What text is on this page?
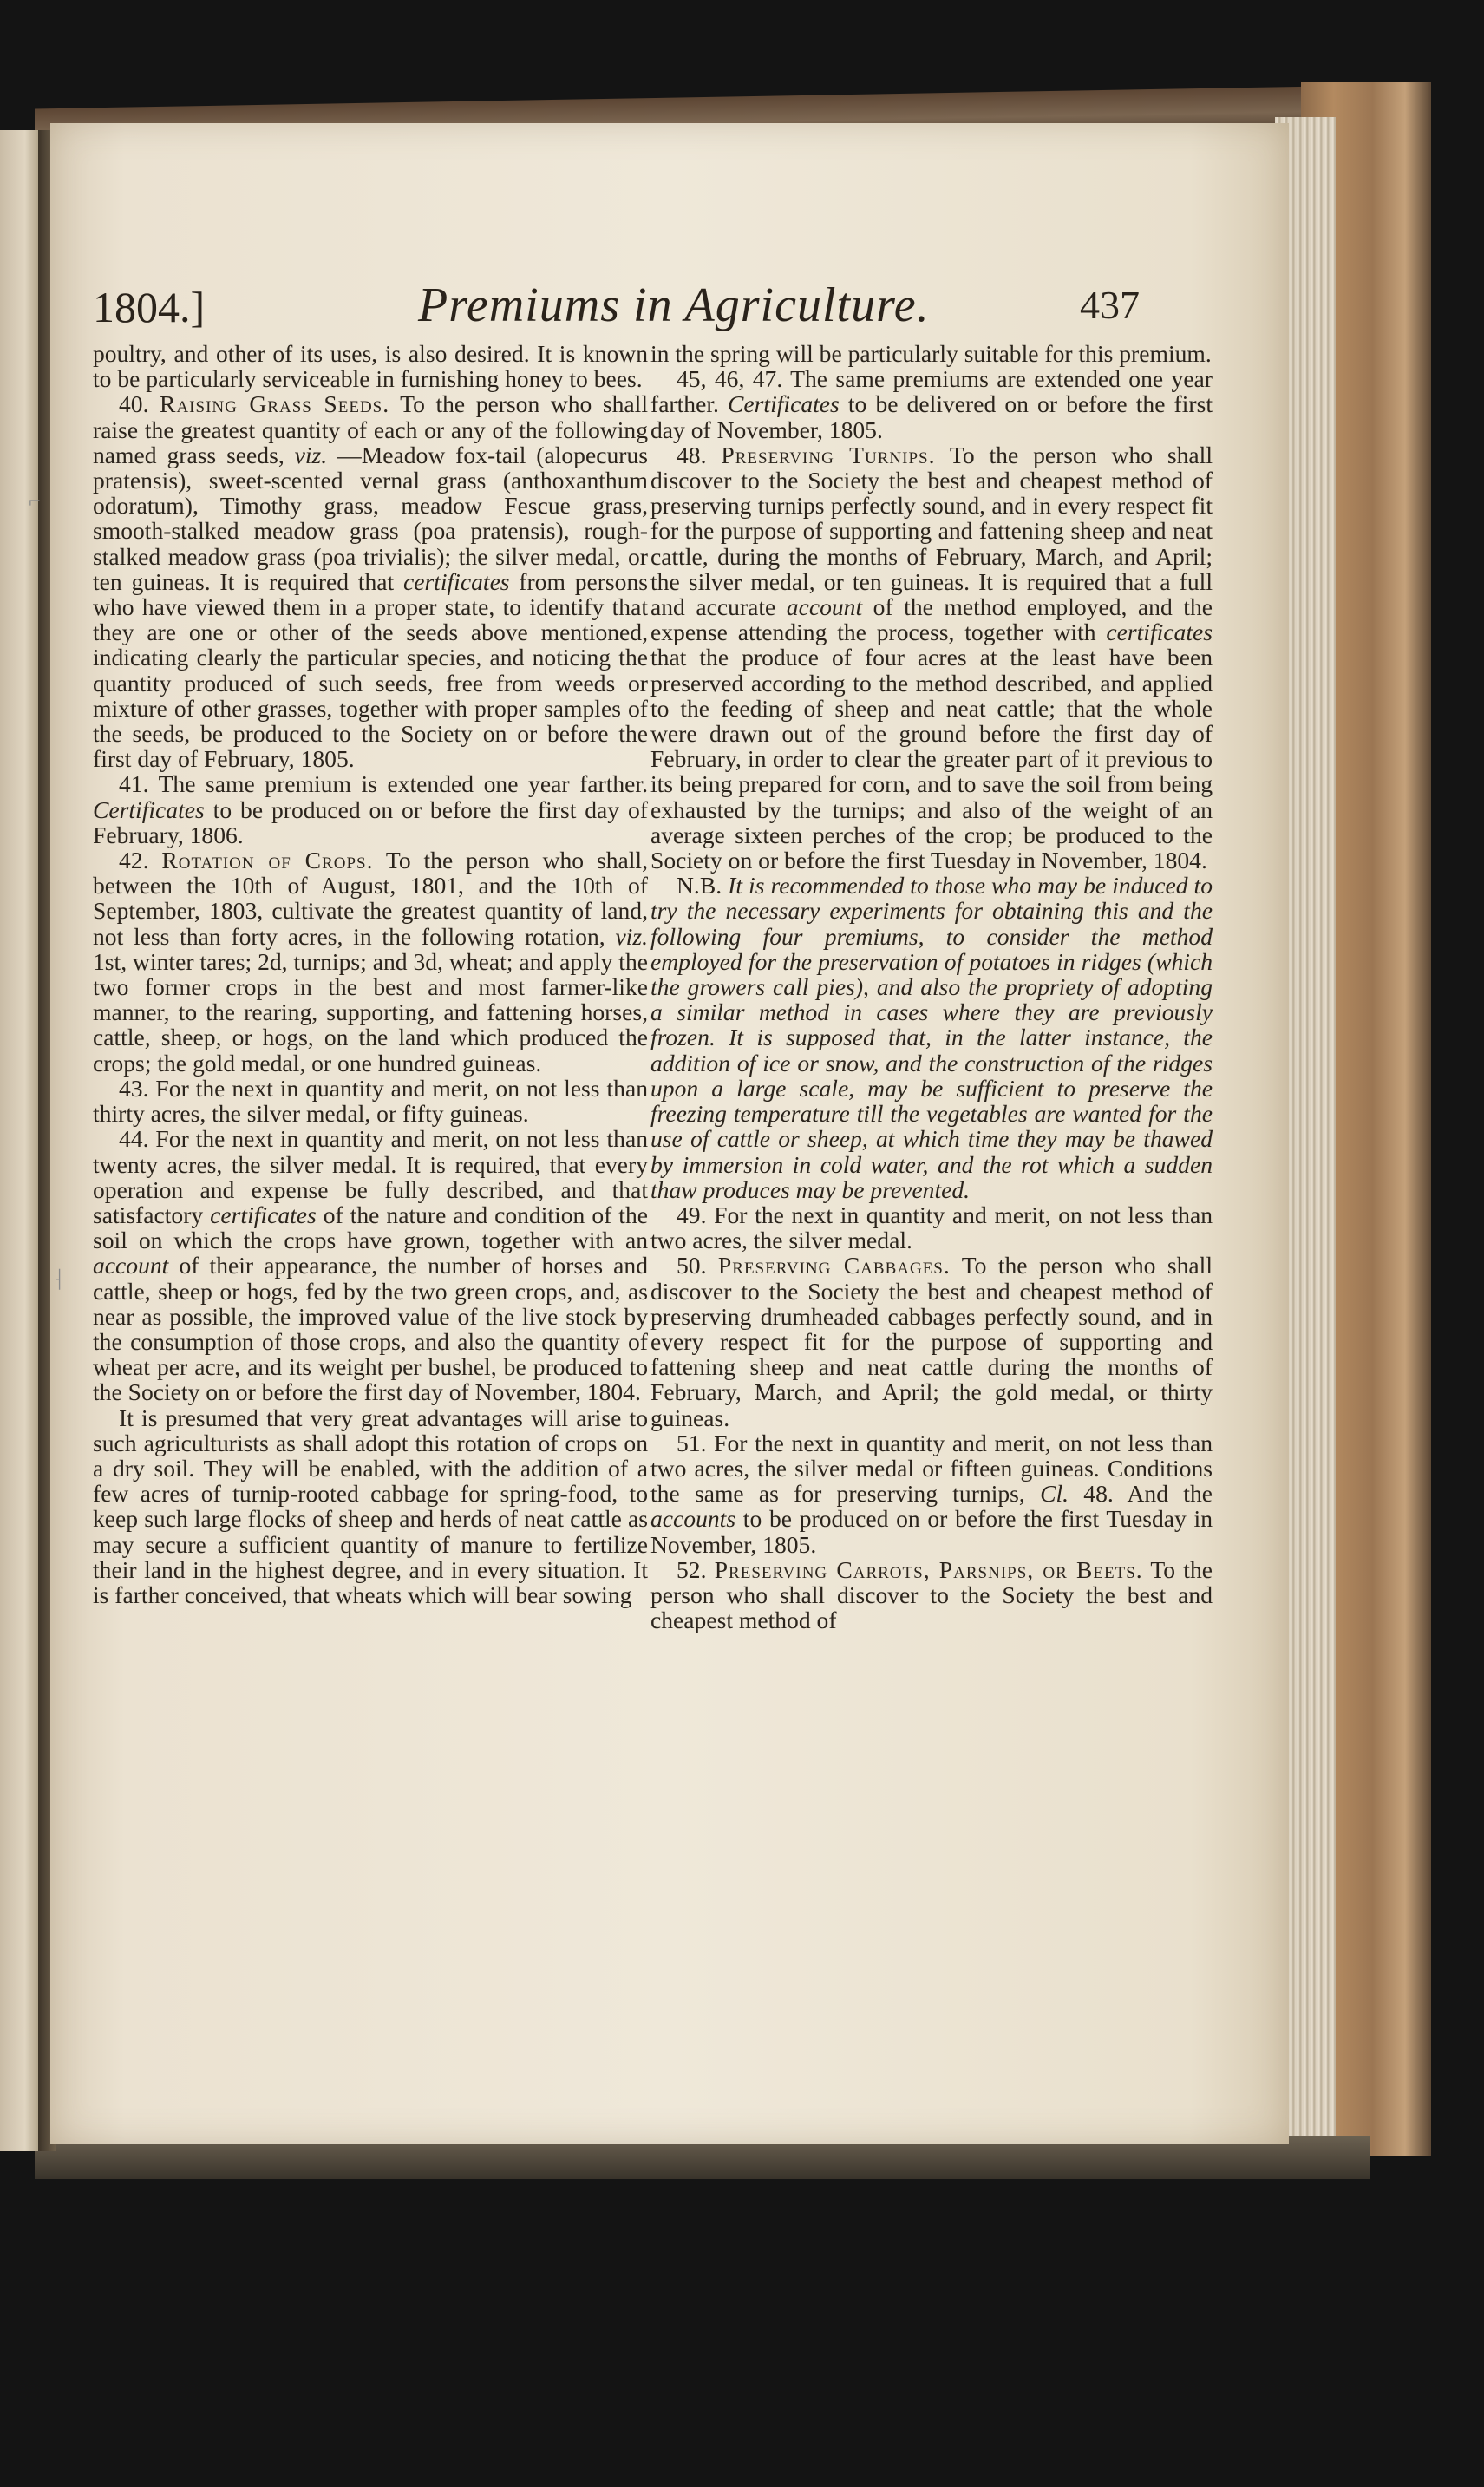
1804.]	Premiums in Agriculture.	437
⌐
⸡

poultry, and other of its uses, is also desired. It is known to be particularly serviceable in furnishing honey to bees.

40. Raising Grass Seeds. To the person who shall raise the greatest quantity of each or any of the following named grass seeds, viz. —Meadow fox-tail (alopecurus pratensis), sweet-scented vernal grass (anthoxanthum odoratum), Timothy grass, meadow Fescue grass, smooth-stalked meadow grass (poa pratensis), rough-stalked meadow grass (poa trivialis); the silver medal, or ten guineas. It is required that certificates from persons who have viewed them in a proper state, to identify that they are one or other of the seeds above mentioned, indicating clearly the particular species, and noticing the quantity produced of such seeds, free from weeds or mixture of other grasses, together with proper samples of the seeds, be produced to the Society on or before the first day of February, 1805.

41. The same premium is extended one year farther. Certificates to be produced on or before the first day of February, 1806.

42. Rotation of Crops. To the person who shall, between the 10th of August, 1801, and the 10th of September, 1803, cultivate the greatest quantity of land, not less than forty acres, in the following rotation, viz. 1st, winter tares; 2d, turnips; and 3d, wheat; and apply the two former crops in the best and most farmer-like manner, to the rearing, supporting, and fattening horses, cattle, sheep, or hogs, on the land which produced the crops; the gold medal, or one hundred guineas.

43. For the next in quantity and merit, on not less than thirty acres, the silver medal, or fifty guineas.

44. For the next in quantity and merit, on not less than twenty acres, the silver medal. It is required, that every operation and expense be fully described, and that satisfactory certificates of the nature and condition of the soil on which the crops have grown, together with an account of their appearance, the number of horses and cattle, sheep or hogs, fed by the two green crops, and, as near as possible, the improved value of the live stock by the consumption of those crops, and also the quantity of wheat per acre, and its weight per bushel, be produced to the Society on or before the first day of November, 1804.

It is presumed that very great advantages will arise to such agriculturists as shall adopt this rotation of crops on a dry soil. They will be enabled, with the addition of a few acres of turnip-rooted cabbage for spring-food, to keep such large flocks of sheep and herds of neat cattle as may secure a sufficient quantity of manure to fertilize their land in the highest degree, and in every situation. It is farther conceived, that wheats which will bear sowing

in the spring will be particularly suitable for this premium.

45, 46, 47. The same premiums are extended one year farther. Certificates to be delivered on or before the first day of November, 1805.

48. Preserving Turnips. To the person who shall discover to the Society the best and cheapest method of preserving turnips perfectly sound, and in every respect fit for the purpose of supporting and fattening sheep and neat cattle, during the months of February, March, and April; the silver medal, or ten guineas. It is required that a full and accurate account of the method employed, and the expense attending the process, together with certificates that the produce of four acres at the least have been preserved according to the method described, and applied to the feeding of sheep and neat cattle; that the whole were drawn out of the ground before the first day of February, in order to clear the greater part of it previous to its being prepared for corn, and to save the soil from being exhausted by the turnips; and also of the weight of an average sixteen perches of the crop; be produced to the Society on or before the first Tuesday in November, 1804.

N.B. It is recommended to those who may be induced to try the necessary experiments for obtaining this and the following four premiums, to consider the method employed for the preservation of potatoes in ridges (which the growers call pies), and also the propriety of adopting a similar method in cases where they are previously frozen. It is supposed that, in the latter instance, the addition of ice or snow, and the construction of the ridges upon a large scale, may be sufficient to preserve the freezing temperature till the vegetables are wanted for the use of cattle or sheep, at which time they may be thawed by immersion in cold water, and the rot which a sudden thaw produces may be prevented.

49. For the next in quantity and merit, on not less than two acres, the silver medal.

50. Preserving Cabbages. To the person who shall discover to the Society the best and cheapest method of preserving drumheaded cabbages perfectly sound, and in every respect fit for the purpose of supporting and fattening sheep and neat cattle during the months of February, March, and April; the gold medal, or thirty guineas.

51. For the next in quantity and merit, on not less than two acres, the silver medal or fifteen guineas. Conditions the same as for preserving turnips, Cl. 48. And the accounts to be produced on or before the first Tuesday in November, 1805.

52. Preserving Carrots, Parsnips, or Beets. To the person who shall discover to the Society the best and cheapest method of
